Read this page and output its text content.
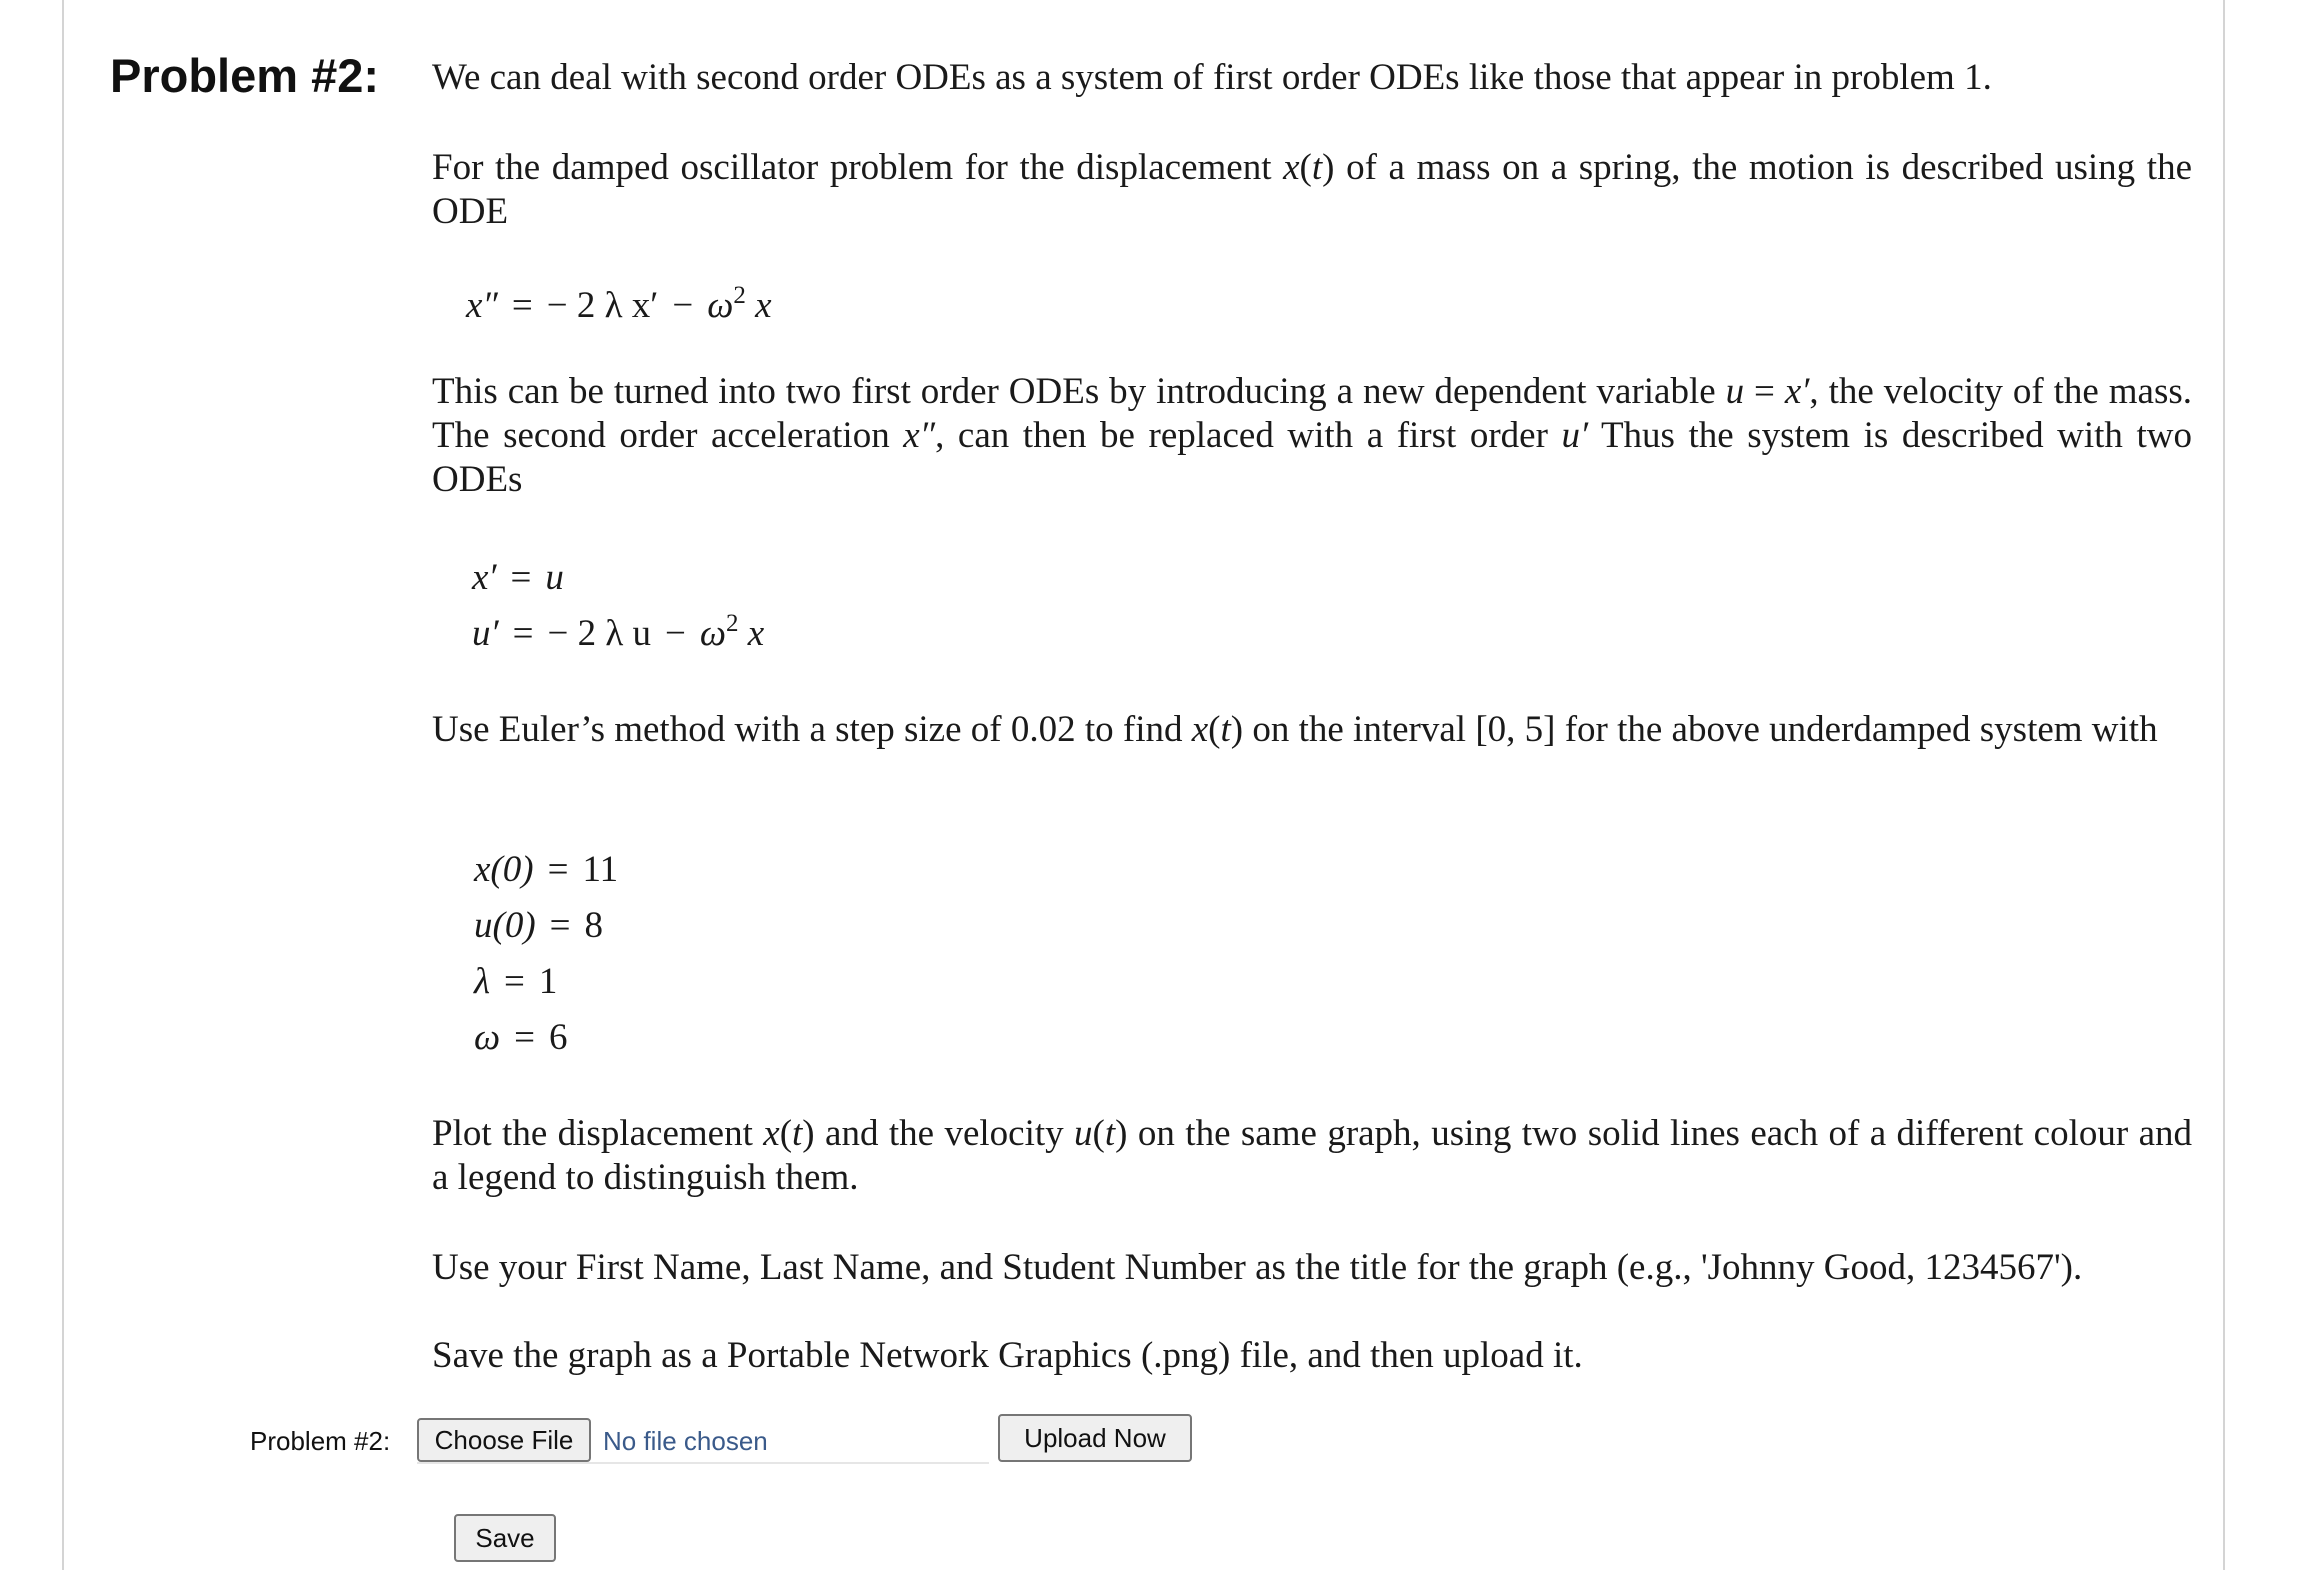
Problem #2: We can deal with second order ODEs as a system of first order ODEs like those that appear in problem 1.
For the damped oscillator problem for the displacement x(t) of a mass on a spring, the motion is described using the ODE
x″ = − 2 λ $x' - \omega^2$ x
This can be turned into two first order ODEs by introducing a new dependent variable u = x′, the velocity of the mass. The second order acceleration x″, can then be replaced with a first order u′ Thus the system is described with two ODEs
x′ = u
u′ = − 2 λ $u - \omega^2$ x
Use Euler’s method with a step size of 0.02 to find x(t) on the interval [0, 5] for the above underdamped system with
x(0) = 11
u(0) = 8
λ = 1
ω = 6
Plot the displacement x(t) and the velocity u(t) on the same graph, using two solid lines each of a different colour and a legend to distinguish them.
Use your First Name, Last Name, and Student Number as the title for the graph (e.g., 'Johnny Good, 1234567').
Save the graph as a Portable Network Graphics (.png) file, and then upload it.
Problem #2:	Choose File	No file chosen	Upload Now
Save
